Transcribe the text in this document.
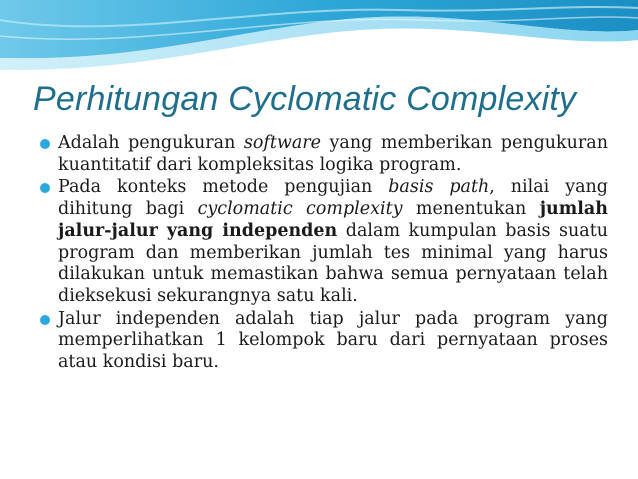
Perhitungan Cyclomatic Complexity
Adalah pengukuran software yang memberikan pengukuran kuantitatif dari kompleksitas logika program.
Pada konteks metode pengujian basis path, nilai yang dihitung bagi cyclomatic complexity menentukan jumlah jalur-jalur yang independen dalam kumpulan basis suatu program dan memberikan jumlah tes minimal yang harus dilakukan untuk memastikan bahwa semua pernyataan telah dieksekusi sekurangnya satu kali.
Jalur independen adalah tiap jalur pada program yang memperlihatkan 1 kelompok baru dari pernyataan proses atau kondisi baru.
